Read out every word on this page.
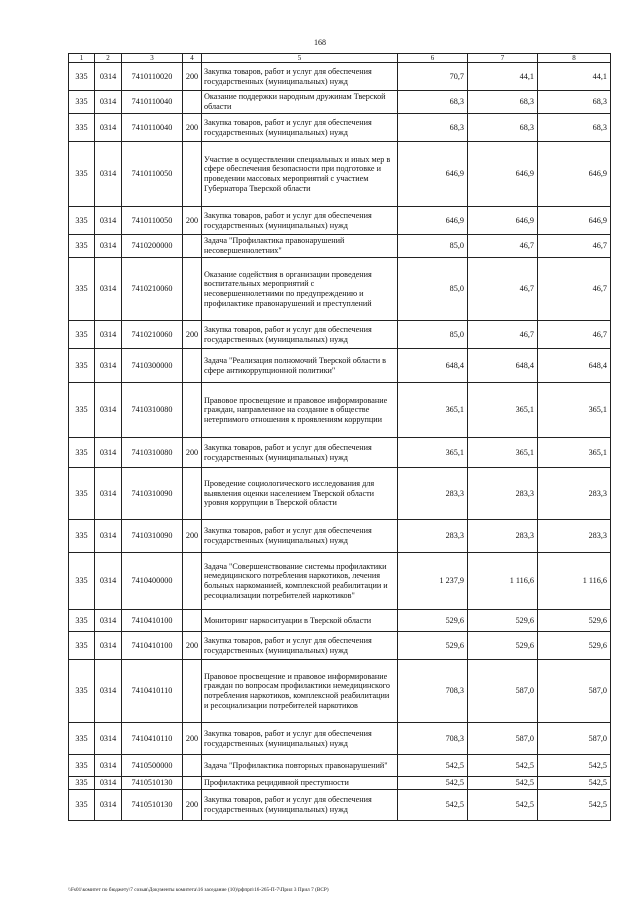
168
1	2	3	4	5	6	7	8
335	0314	7410110020	200	Закупка товаров, работ и услуг для обеспечения государственных (муниципальных) нужд	70,7	44,1	44,1
335	0314	7410110040		Оказание поддержки народным дружинам Тверской области	68,3	68,3	68,3
335	0314	7410110040	200	Закупка товаров, работ и услуг для обеспечения государственных (муниципальных) нужд	68,3	68,3	68,3
335	0314	7410110050		Участие в осуществлении специальных и иных мер в сфере обеспечения безопасности при подготовке и проведении массовых мероприятий с участием Губернатора Тверской области	646,9	646,9	646,9
335	0314	7410110050	200	Закупка товаров, работ и услуг для обеспечения государственных (муниципальных) нужд	646,9	646,9	646,9
335	0314	7410200000		Задача "Профилактика правонарушений несовершеннолетних"	85,0	46,7	46,7
335	0314	7410210060		Оказание содействия в организации проведения воспитательных мероприятий с несовершеннолетними по предупреждению и профилактике правонарушений и преступлений	85,0	46,7	46,7
335	0314	7410210060	200	Закупка товаров, работ и услуг для обеспечения государственных (муниципальных) нужд	85,0	46,7	46,7
335	0314	7410300000		Задача "Реализация полномочий Тверской области в сфере антикоррупционной политики"	648,4	648,4	648,4
335	0314	7410310080		Правовое просвещение и правовое информирование граждан, направленное на создание в обществе нетерпимого отношения к проявлениям коррупции	365,1	365,1	365,1
335	0314	7410310080	200	Закупка товаров, работ и услуг для обеспечения государственных (муниципальных) нужд	365,1	365,1	365,1
335	0314	7410310090		Проведение социологического исследования для выявления оценки населением Тверской области уровня коррупции в Тверской области	283,3	283,3	283,3
335	0314	7410310090	200	Закупка товаров, работ и услуг для обеспечения государственных (муниципальных) нужд	283,3	283,3	283,3
335	0314	7410400000		Задача "Совершенствование системы профилактики немедицинского потребления наркотиков, лечения больных наркоманией, комплексной реабилитации и ресоциализации потребителей наркотиков"	1 237,9	1 116,6	1 116,6
335	0314	7410410100		Мониторинг наркоситуации в Тверской области	529,6	529,6	529,6
335	0314	7410410100	200	Закупка товаров, работ и услуг для обеспечения государственных (муниципальных) нужд	529,6	529,6	529,6
335	0314	7410410110		Правовое просвещение и правовое информирование граждан по вопросам профилактики немедицинского потребления наркотиков, комплексной реабилитации и ресоциализации потребителей наркотиков	708,3	587,0	587,0
335	0314	7410410110	200	Закупка товаров, работ и услуг для обеспечения государственных (муниципальных) нужд	708,3	587,0	587,0
335	0314	7410500000		Задача "Профилактика повторных правонарушений"	542,5	542,5	542,5
335	0314	7410510130		Профилактика рецидивной преступности	542,5	542,5	542,5
335	0314	7410510130	200	Закупка товаров, работ и услуг для обеспечения государственных (муниципальных) нужд	542,5	542,5	542,5
\\Fs01\комитет по бюджету\7 созыв\Документы комитета\16 заседание (10)\рфпрп\16-265-П-7\Прил 3 Прил 7 (ВСР)
